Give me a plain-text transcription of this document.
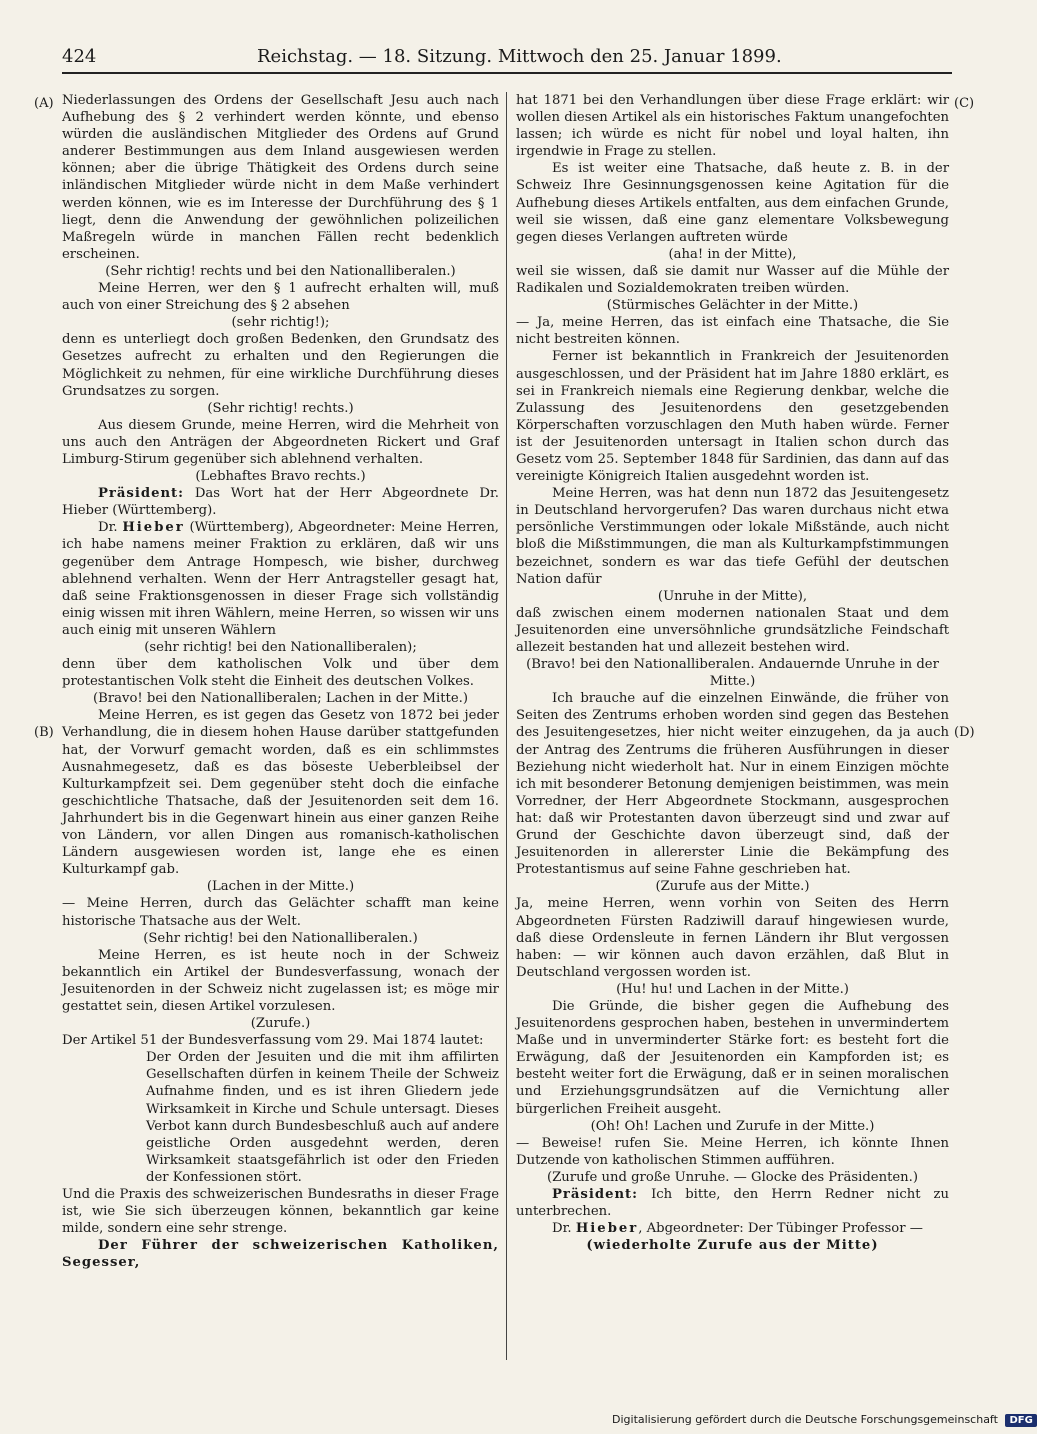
424	Reichstag. — 18. Sitzung. Mittwoch den 25. Januar 1899.
(A)
(B)
(C)
(D)

Niederlassungen des Ordens der Gesellschaft Jesu auch nach Aufhebung des § 2 verhindert werden könnte, und ebenso würden die ausländischen Mitglieder des Ordens auf Grund anderer Bestimmungen aus dem Inland ausgewiesen werden können; aber die übrige Thätigkeit des Ordens durch seine inländischen Mitglieder würde nicht in dem Maße verhindert werden können, wie es im Interesse der Durchführung des § 1 liegt, denn die Anwendung der gewöhnlichen polizeilichen Maßregeln würde in manchen Fällen recht bedenklich erscheinen.

(Sehr richtig! rechts und bei den Nationalliberalen.)

Meine Herren, wer den § 1 aufrecht erhalten will, muß auch von einer Streichung des § 2 absehen

(sehr richtig!);

denn es unterliegt doch großen Bedenken, den Grundsatz des Gesetzes aufrecht zu erhalten und den Regierungen die Möglichkeit zu nehmen, für eine wirkliche Durchführung dieses Grundsatzes zu sorgen.

(Sehr richtig! rechts.)

Aus diesem Grunde, meine Herren, wird die Mehrheit von uns auch den Anträgen der Abgeordneten Rickert und Graf Limburg-Stirum gegenüber sich ablehnend verhalten.

(Lebhaftes Bravo rechts.)

Präsident: Das Wort hat der Herr Abgeordnete Dr. Hieber (Württemberg).

Dr. Hieber (Württemberg), Abgeordneter: Meine Herren, ich habe namens meiner Fraktion zu erklären, daß wir uns gegenüber dem Antrage Hompesch, wie bisher, durchweg ablehnend verhalten. Wenn der Herr Antragsteller gesagt hat, daß seine Fraktionsgenossen in dieser Frage sich vollständig einig wissen mit ihren Wählern, meine Herren, so wissen wir uns auch einig mit unseren Wählern

(sehr richtig! bei den Nationalliberalen);

denn über dem katholischen Volk und über dem protestantischen Volk steht die Einheit des deutschen Volkes.

(Bravo! bei den Nationalliberalen; Lachen in der Mitte.)

Meine Herren, es ist gegen das Gesetz von 1872 bei jeder Verhandlung, die in diesem hohen Hause darüber stattgefunden hat, der Vorwurf gemacht worden, daß es ein schlimmstes Ausnahmegesetz, daß es das böseste Ueberbleibsel der Kulturkampfzeit sei. Dem gegenüber steht doch die einfache geschichtliche Thatsache, daß der Jesuitenorden seit dem 16. Jahrhundert bis in die Gegenwart hinein aus einer ganzen Reihe von Ländern, vor allen Dingen aus romanisch-katholischen Ländern ausgewiesen worden ist, lange ehe es einen Kulturkampf gab.

(Lachen in der Mitte.)

— Meine Herren, durch das Gelächter schafft man keine historische Thatsache aus der Welt.

(Sehr richtig! bei den Nationalliberalen.)

Meine Herren, es ist heute noch in der Schweiz bekanntlich ein Artikel der Bundesverfassung, wonach der Jesuitenorden in der Schweiz nicht zugelassen ist; es möge mir gestattet sein, diesen Artikel vorzulesen.

(Zurufe.)

Der Artikel 51 der Bundesverfassung vom 29. Mai 1874 lautet:

Der Orden der Jesuiten und die mit ihm affilirten Gesellschaften dürfen in keinem Theile der Schweiz Aufnahme finden, und es ist ihren Gliedern jede Wirksamkeit in Kirche und Schule untersagt. Dieses Verbot kann durch Bundesbeschluß auch auf andere geistliche Orden ausgedehnt werden, deren Wirksamkeit staatsgefährlich ist oder den Frieden der Konfessionen stört.

Und die Praxis des schweizerischen Bundesraths in dieser Frage ist, wie Sie sich überzeugen können, bekanntlich gar keine milde, sondern eine sehr strenge.

Der Führer der schweizerischen Katholiken, Segesser,

hat 1871 bei den Verhandlungen über diese Frage erklärt: wir wollen diesen Artikel als ein historisches Faktum unangefochten lassen; ich würde es nicht für nobel und loyal halten, ihn irgendwie in Frage zu stellen.

Es ist weiter eine Thatsache, daß heute z. B. in der Schweiz Ihre Gesinnungsgenossen keine Agitation für die Aufhebung dieses Artikels entfalten, aus dem einfachen Grunde, weil sie wissen, daß eine ganz elementare Volksbewegung gegen dieses Verlangen auftreten würde

(aha! in der Mitte),

weil sie wissen, daß sie damit nur Wasser auf die Mühle der Radikalen und Sozialdemokraten treiben würden.

(Stürmisches Gelächter in der Mitte.)

— Ja, meine Herren, das ist einfach eine Thatsache, die Sie nicht bestreiten können.

Ferner ist bekanntlich in Frankreich der Jesuitenorden ausgeschlossen, und der Präsident hat im Jahre 1880 erklärt, es sei in Frankreich niemals eine Regierung denkbar, welche die Zulassung des Jesuitenordens den gesetzgebenden Körperschaften vorzuschlagen den Muth haben würde. Ferner ist der Jesuitenorden untersagt in Italien schon durch das Gesetz vom 25. September 1848 für Sardinien, das dann auf das vereinigte Königreich Italien ausgedehnt worden ist.

Meine Herren, was hat denn nun 1872 das Jesuitengesetz in Deutschland hervorgerufen? Das waren durchaus nicht etwa persönliche Verstimmungen oder lokale Mißstände, auch nicht bloß die Mißstimmungen, die man als Kulturkampfstimmungen bezeichnet, sondern es war das tiefe Gefühl der deutschen Nation dafür

(Unruhe in der Mitte),

daß zwischen einem modernen nationalen Staat und dem Jesuitenorden eine unversöhnliche grundsätzliche Feindschaft allezeit bestanden hat und allezeit bestehen wird.

(Bravo! bei den Nationalliberalen. Andauernde Unruhe in der Mitte.)

Ich brauche auf die einzelnen Einwände, die früher von Seiten des Zentrums erhoben worden sind gegen das Bestehen des Jesuitengesetzes, hier nicht weiter einzugehen, da ja auch der Antrag des Zentrums die früheren Ausführungen in dieser Beziehung nicht wiederholt hat. Nur in einem Einzigen möchte ich mit besonderer Betonung demjenigen beistimmen, was mein Vorredner, der Herr Abgeordnete Stockmann, ausgesprochen hat: daß wir Protestanten davon überzeugt sind und zwar auf Grund der Geschichte davon überzeugt sind, daß der Jesuitenorden in allererster Linie die Bekämpfung des Protestantismus auf seine Fahne geschrieben hat.

(Zurufe aus der Mitte.)

Ja, meine Herren, wenn vorhin von Seiten des Herrn Abgeordneten Fürsten Radziwill darauf hingewiesen wurde, daß diese Ordensleute in fernen Ländern ihr Blut vergossen haben: — wir können auch davon erzählen, daß Blut in Deutschland vergossen worden ist.

(Hu! hu! und Lachen in der Mitte.)

Die Gründe, die bisher gegen die Aufhebung des Jesuitenordens gesprochen haben, bestehen in unvermindertem Maße und in unverminderter Stärke fort: es besteht fort die Erwägung, daß der Jesuitenorden ein Kampforden ist; es besteht weiter fort die Erwägung, daß er in seinen moralischen und Erziehungsgrundsätzen auf die Vernichtung aller bürgerlichen Freiheit ausgeht.

(Oh! Oh! Lachen und Zurufe in der Mitte.)

— Beweise! rufen Sie. Meine Herren, ich könnte Ihnen Dutzende von katholischen Stimmen aufführen.

(Zurufe und große Unruhe. — Glocke des Präsidenten.)

Präsident: Ich bitte, den Herrn Redner nicht zu unterbrechen.

Dr. Hieber, Abgeordneter: Der Tübinger Professor —

(wiederholte Zurufe aus der Mitte)

Digitalisierung gefördert durch die Deutsche Forschungsgemeinschaft DFG
